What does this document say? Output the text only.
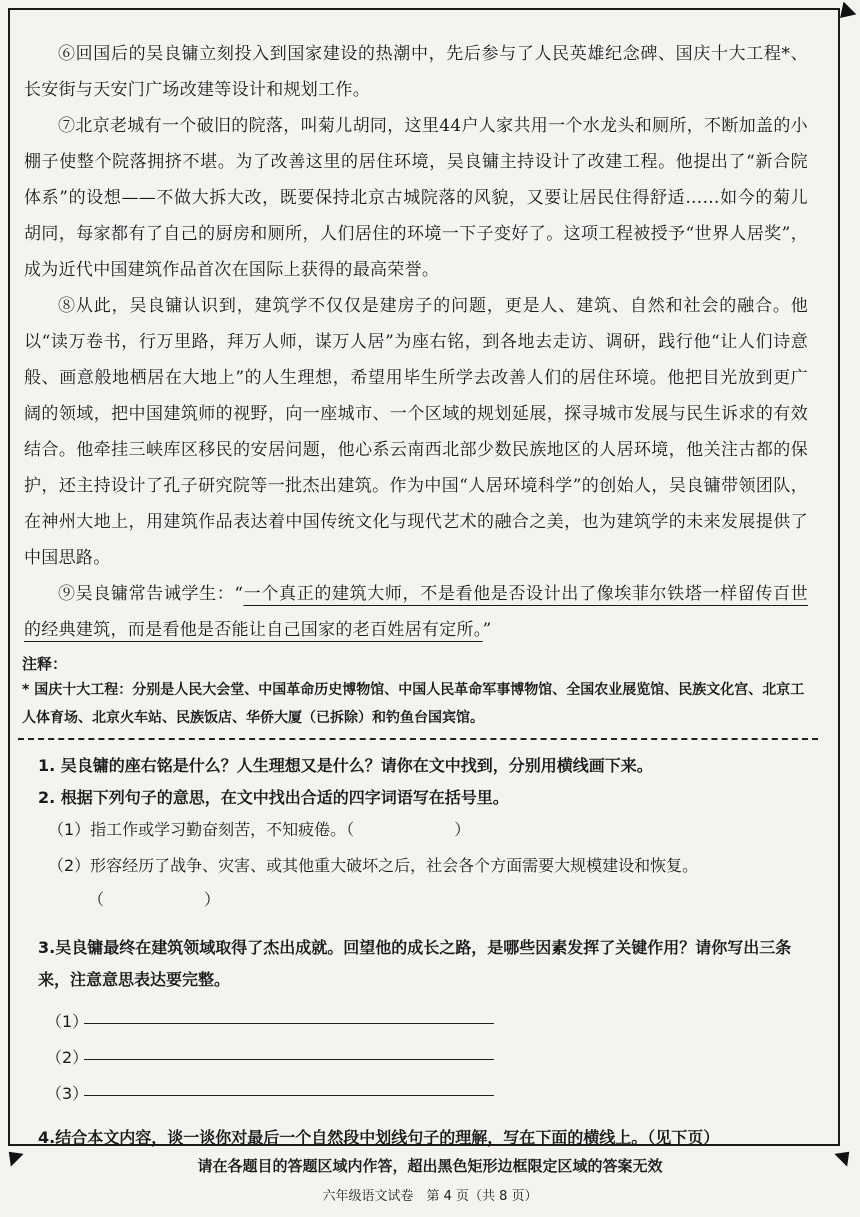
⑥回国后的吴良镛立刻投入到国家建设的热潮中，先后参与了人民英雄纪念碑、国庆十大工程*、长安街与天安门广场改建等设计和规划工作。

⑦北京老城有一个破旧的院落，叫菊儿胡同，这里44户人家共用一个水龙头和厕所，不断加盖的小棚子使整个院落拥挤不堪。为了改善这里的居住环境，吴良镛主持设计了改建工程。他提出了“新合院体系”的设想——不做大拆大改，既要保持北京古城院落的风貌，又要让居民住得舒适……如今的菊儿胡同，每家都有了自己的厨房和厕所，人们居住的环境一下子变好了。这项工程被授予“世界人居奖”，成为近代中国建筑作品首次在国际上获得的最高荣誉。

⑧从此，吴良镛认识到，建筑学不仅仅是建房子的问题，更是人、建筑、自然和社会的融合。他以“读万卷书，行万里路，拜万人师，谋万人居”为座右铭，到各地去走访、调研，践行他“让人们诗意般、画意般地栖居在大地上”的人生理想，希望用毕生所学去改善人们的居住环境。他把目光放到更广阔的领域，把中国建筑师的视野，向一座城市、一个区域的规划延展，探寻城市发展与民生诉求的有效结合。他牵挂三峡库区移民的安居问题，他心系云南西北部少数民族地区的人居环境，他关注古都的保护，还主持设计了孔子研究院等一批杰出建筑。作为中国“人居环境科学”的创始人，吴良镛带领团队，在神州大地上，用建筑作品表达着中国传统文化与现代艺术的融合之美，也为建筑学的未来发展提供了中国思路。

⑨吴良镛常告诫学生：“一个真正的建筑大师，不是看他是否设计出了像埃菲尔铁塔一样留传百世的经典建筑，而是看他是否能让自己国家的老百姓居有定所。”

注释：

* 国庆十大工程：分别是人民大会堂、中国革命历史博物馆、中国人民革命军事博物馆、全国农业展览馆、民族文化宫、北京工人体育场、北京火车站、民族饭店、华侨大厦（已拆除）和钓鱼台国宾馆。

1. 吴良镛的座右铭是什么？人生理想又是什么？请你在文中找到，分别用横线画下来。

2. 根据下列句子的意思，在文中找出合适的四字词语写在括号里。

（1）指工作或学习勤奋刻苦，不知疲倦。（	）

（2）形容经历了战争、灾害、或其他重大破坏之后，社会各个方面需要大规模建设和恢复。

（	）

3.吴良镛最终在建筑领域取得了杰出成就。回望他的成长之路，是哪些因素发挥了关键作用？请你写出三条来，注意意思表达要完整。

（1）
（2）
（3）

4.结合本文内容，谈一谈你对最后一个自然段中划线句子的理解，写在下面的横线上。（见下页）

请在各题目的答题区域内作答，超出黑色矩形边框限定区域的答案无效
六年级语文试卷　第 4 页（共 8 页）
